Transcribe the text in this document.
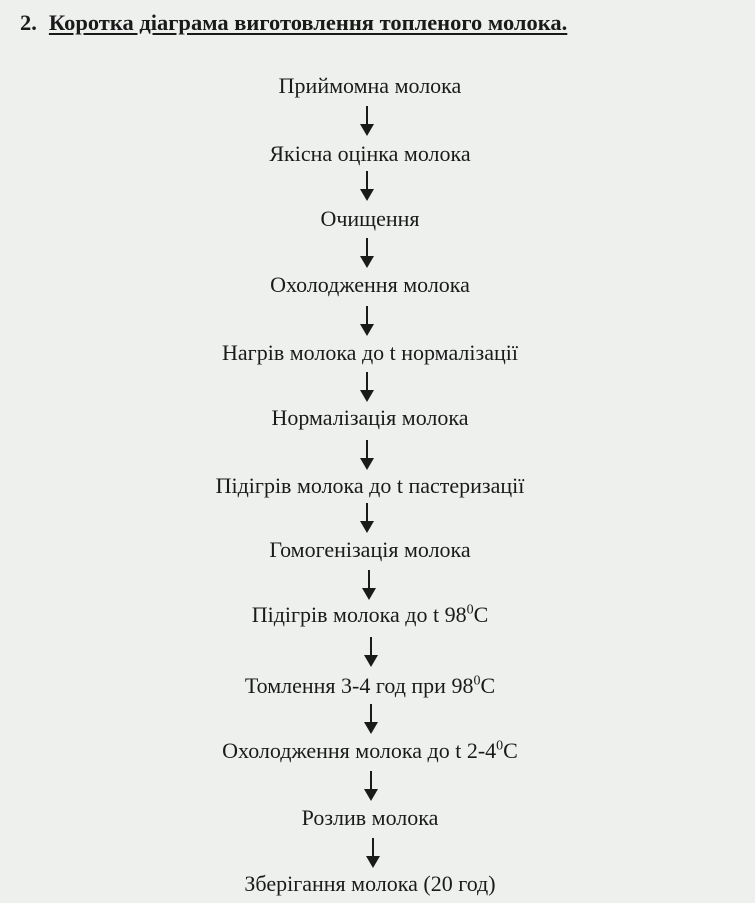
2. Коротка діаграма виготовлення топленого молока.
Приймомна молока
Якісна оцінка молока
Очищення
Охолодження молока
Нагрів молока до t нормалізації
Нормалізація молока
Підігрів молока до t пастеризації
Гомогенізація молока
Підігрів молока до t $98^0C$
Томлення 3-4 год при $98^0C$
Охолодження молока до t $2-4^0C$
Розлив молока
Зберігання молока (20 год)
